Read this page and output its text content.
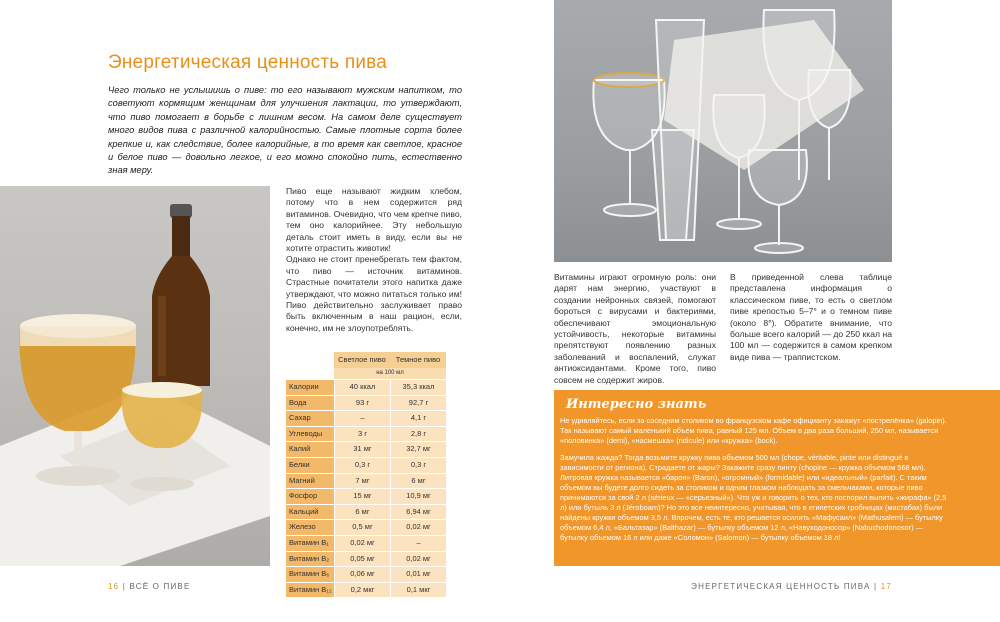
Энергетическая ценность пива
Чего только не услышишь о пиве: то его называют мужским напитком, то советуют кормящим женщинам для улучшения лактации, то утверждают, что пиво помогает в борьбе с лишним весом. На самом деле существует много видов пива с различной калорийностью. Самые плотные сорта более крепкие и, как следствие, более калорийные, в то время как светлое, красное и белое пиво — довольно легкое, и его можно спокойно пить, естественно зная меру.

Пиво еще называют жидким хлебом, потому что в нем содержится ряд витаминов. Очевидно, что чем крепче пиво, тем оно калорийнее. Эту небольшую деталь стоит иметь в виду, если вы не хотите отрастить животик!

Однако не стоит пренебрегать тем фактом, что пиво — источник витаминов. Страстные почитатели этого напитка даже утверждают, что можно питаться только им! Пиво действительно заслуживает право быть включенным в наш рацион, если, конечно, им не злоупотреблять.

Светлое пиво	Темное пиво
на 100 мл
Калории	40 ккал	35,3 ккал
Вода	93 г	92,7 г
Сахар	–	4,1 г
Углеводы	3 г	2,8 г
Калий	31 мг	32,7 мг
Белки	0,3 г	0,3 г
Магний	7 мг	6 мг
Фосфор	15 мг	10,9 мг
Кальций	6 мг	6,94 мг
Железо	0,5 мг	0,02 мг
Витамин B₁	0,02 мг	–
Витамин B₂	0,05 мг	0,02 мг
Витамин B₆	0,06 мг	0,01 мг
Витамин B₁₂	0,2 мкг	0,1 мкг
16 | ВСЁ О ПИВЕ
Витамины играют огромную роль: они дарят нам энергию, участвуют в создании нейронных связей, помогают бороться с вирусами и бактериями, обеспечивают эмоциональную устойчивость, некоторые витамины препятствуют появлению разных заболеваний и воспалений, служат антиоксидантами. Кроме того, пиво совсем не содержит жиров.
В приведенной слева таблице представлена информация о классическом пиве, то есть о светлом пиве крепостью 5–7° и о темном пиве (около 8°). Обратите внимание, что больше всего калорий — до 250 ккал на 100 мл — содержится в самом крепком виде пива — траппистском.
Интересно знать

Не удивляйтесь, если за соседним столиком во французском кафе официанту закажут «пострелёнка» (galopin). Так называют самый маленький объем пива, равный 125 мл. Объем в два раза больший, 250 мл, называется «половинка» (demi), «насмешка» (ridicule) или «кружка» (bock).

Замучила жажда? Тогда возьмите кружку пива объемом 500 мл (chope, véritable, pinte или distingué в зависимости от региона). Страдаете от жары? Закажите сразу пинту (chopine — кружка объемом 568 мл). Литровая кружка называется «барон» (Baron), «огромный» (formidable) или «идеальный» (parfait). С таким объемом вы будете долго сидеть за столиком и одним глазком наблюдать за смельчаками, которые пиво принимаются за свой 2 л (sérieux — «серьезный»). Что уж и говорить о тех, кто поспорил выпить «жирафа» (2,5 л) или бутыль 3 л (Jéroboam)? Но это все неинтересно, учитывая, что в египетских гробницах (мастабах) были найдены кружки объемом 3,5 л. Впрочем, есть те, кто решается осилить «Мафусаил» (Mathusalem) — бутылку объемом 6,4 л, «Бальтазар» (Balthazar) — бутылку объемом 12 л, «Навуходоносор» (Nabuchodonosor) — бутылку объемом 16 л или даже «Соломон» (Salomon) — бутылку объемом 18 л!

ЭНЕРГЕТИЧЕСКАЯ ЦЕННОСТЬ ПИВА | 17
